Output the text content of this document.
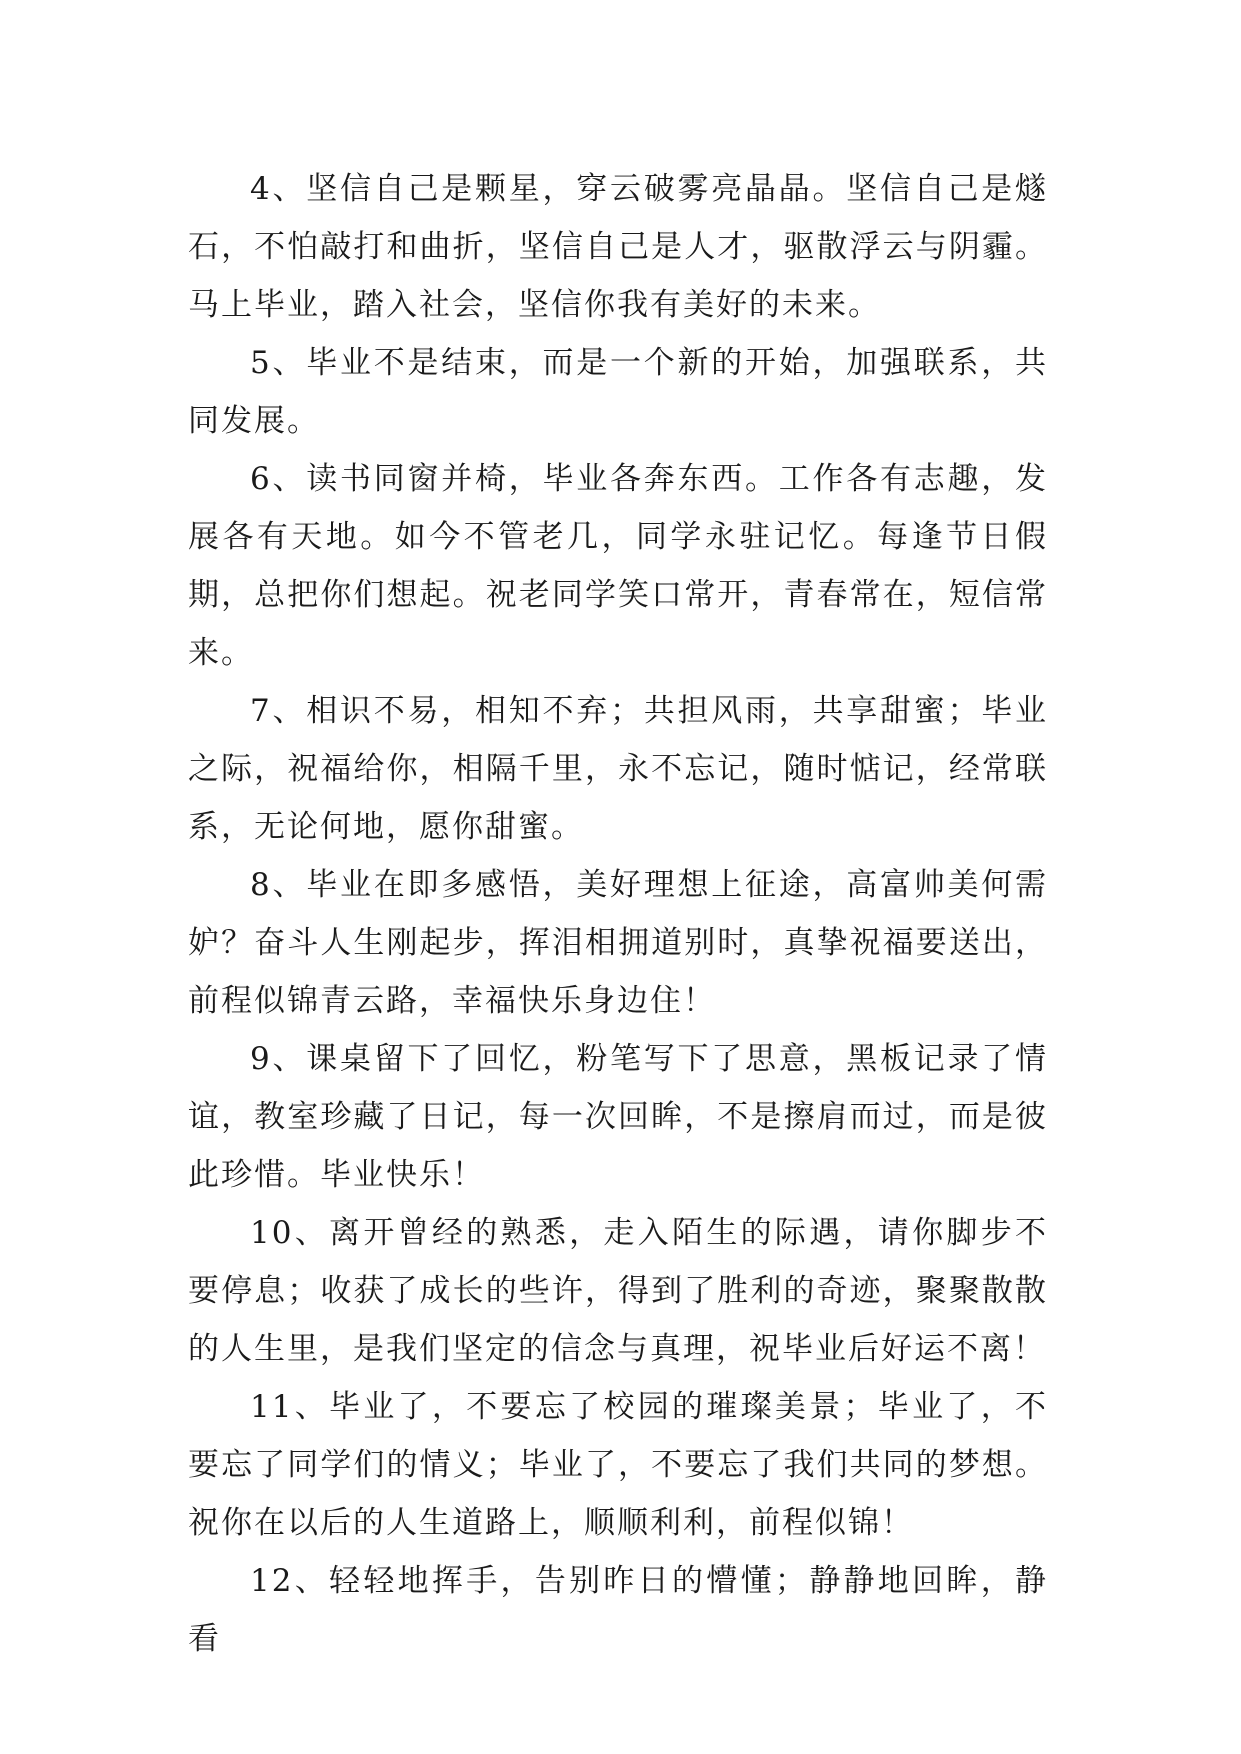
4、坚信自己是颗星，穿云破雾亮晶晶。坚信自己是燧石，不怕敲打和曲折，坚信自己是人才，驱散浮云与阴霾。马上毕业，踏入社会，坚信你我有美好的未来。

5、毕业不是结束，而是一个新的开始，加强联系，共同发展。

6、读书同窗并椅，毕业各奔东西。工作各有志趣，发展各有天地。如今不管老几，同学永驻记忆。每逢节日假期，总把你们想起。祝老同学笑口常开，青春常在，短信常来。

7、相识不易，相知不弃；共担风雨，共享甜蜜；毕业之际，祝福给你，相隔千里，永不忘记，随时惦记，经常联系，无论何地，愿你甜蜜。

8、毕业在即多感悟，美好理想上征途，高富帅美何需妒？奋斗人生刚起步，挥泪相拥道别时，真挚祝福要送出，前程似锦青云路，幸福快乐身边住！

9、课桌留下了回忆，粉笔写下了思意，黑板记录了情谊，教室珍藏了日记，每一次回眸，不是擦肩而过，而是彼此珍惜。毕业快乐！

10、离开曾经的熟悉，走入陌生的际遇，请你脚步不要停息；收获了成长的些许，得到了胜利的奇迹，聚聚散散的人生里，是我们坚定的信念与真理，祝毕业后好运不离！

11、毕业了，不要忘了校园的璀璨美景；毕业了，不要忘了同学们的情义；毕业了，不要忘了我们共同的梦想。祝你在以后的人生道路上，顺顺利利，前程似锦！

12、轻轻地挥手，告别昨日的懵懂；静静地回眸，静看
